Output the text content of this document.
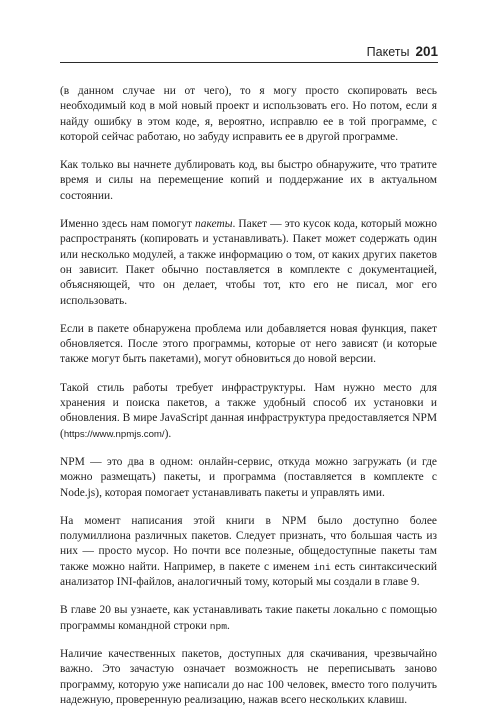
Пакеты 201

(в данном случае ни от чего), то я могу просто скопировать весь необходимый код в мой новый проект и использовать его. Но потом, если я найду ошибку в этом коде, я, вероятно, исправлю ее в той программе, с которой сейчас работаю, но забуду исправить ее в другой программе.

Как только вы начнете дублировать код, вы быстро обнаружите, что тратите время и силы на перемещение копий и поддержание их в актуальном состоянии.

Именно здесь нам помогут пакеты. Пакет — это кусок кода, который можно распространять (копировать и устанавливать). Пакет может содержать один или несколько модулей, а также информацию о том, от каких других пакетов он зависит. Пакет обычно поставляется в комплекте с документацией, объясняющей, что он делает, чтобы тот, кто его не писал, мог его использовать.

Если в пакете обнаружена проблема или добавляется новая функция, пакет обновляется. После этого программы, которые от него зависят (и которые также могут быть пакетами), могут обновиться до новой версии.

Такой стиль работы требует инфраструктуры. Нам нужно место для хранения и поиска пакетов, а также удобный способ их установки и обновления. В мире JavaScript данная инфраструктура предоставляется NPM (https://www.npmjs.com/).

NPM — это два в одном: онлайн-сервис, откуда можно загружать (и где можно размещать) пакеты, и программа (поставляется в комплекте с Node.js), которая помогает устанавливать пакеты и управлять ими.

На момент написания этой книги в NPM было доступно более полумиллиона различных пакетов. Следует признать, что большая часть из них — просто мусор. Но почти все полезные, общедоступные пакеты там также можно найти. Например, в пакете с именем ini есть синтаксический анализатор INI-файлов, аналогичный тому, который мы создали в главе 9.

В главе 20 вы узнаете, как устанавливать такие пакеты локально с помощью программы командной строки npm.

Наличие качественных пакетов, доступных для скачивания, чрезвычайно важно. Это зачастую означает возможность не переписывать заново программу, которую уже написали до нас 100 человек, вместо того получить надежную, проверенную реализацию, нажав всего нескольких клавиш.
